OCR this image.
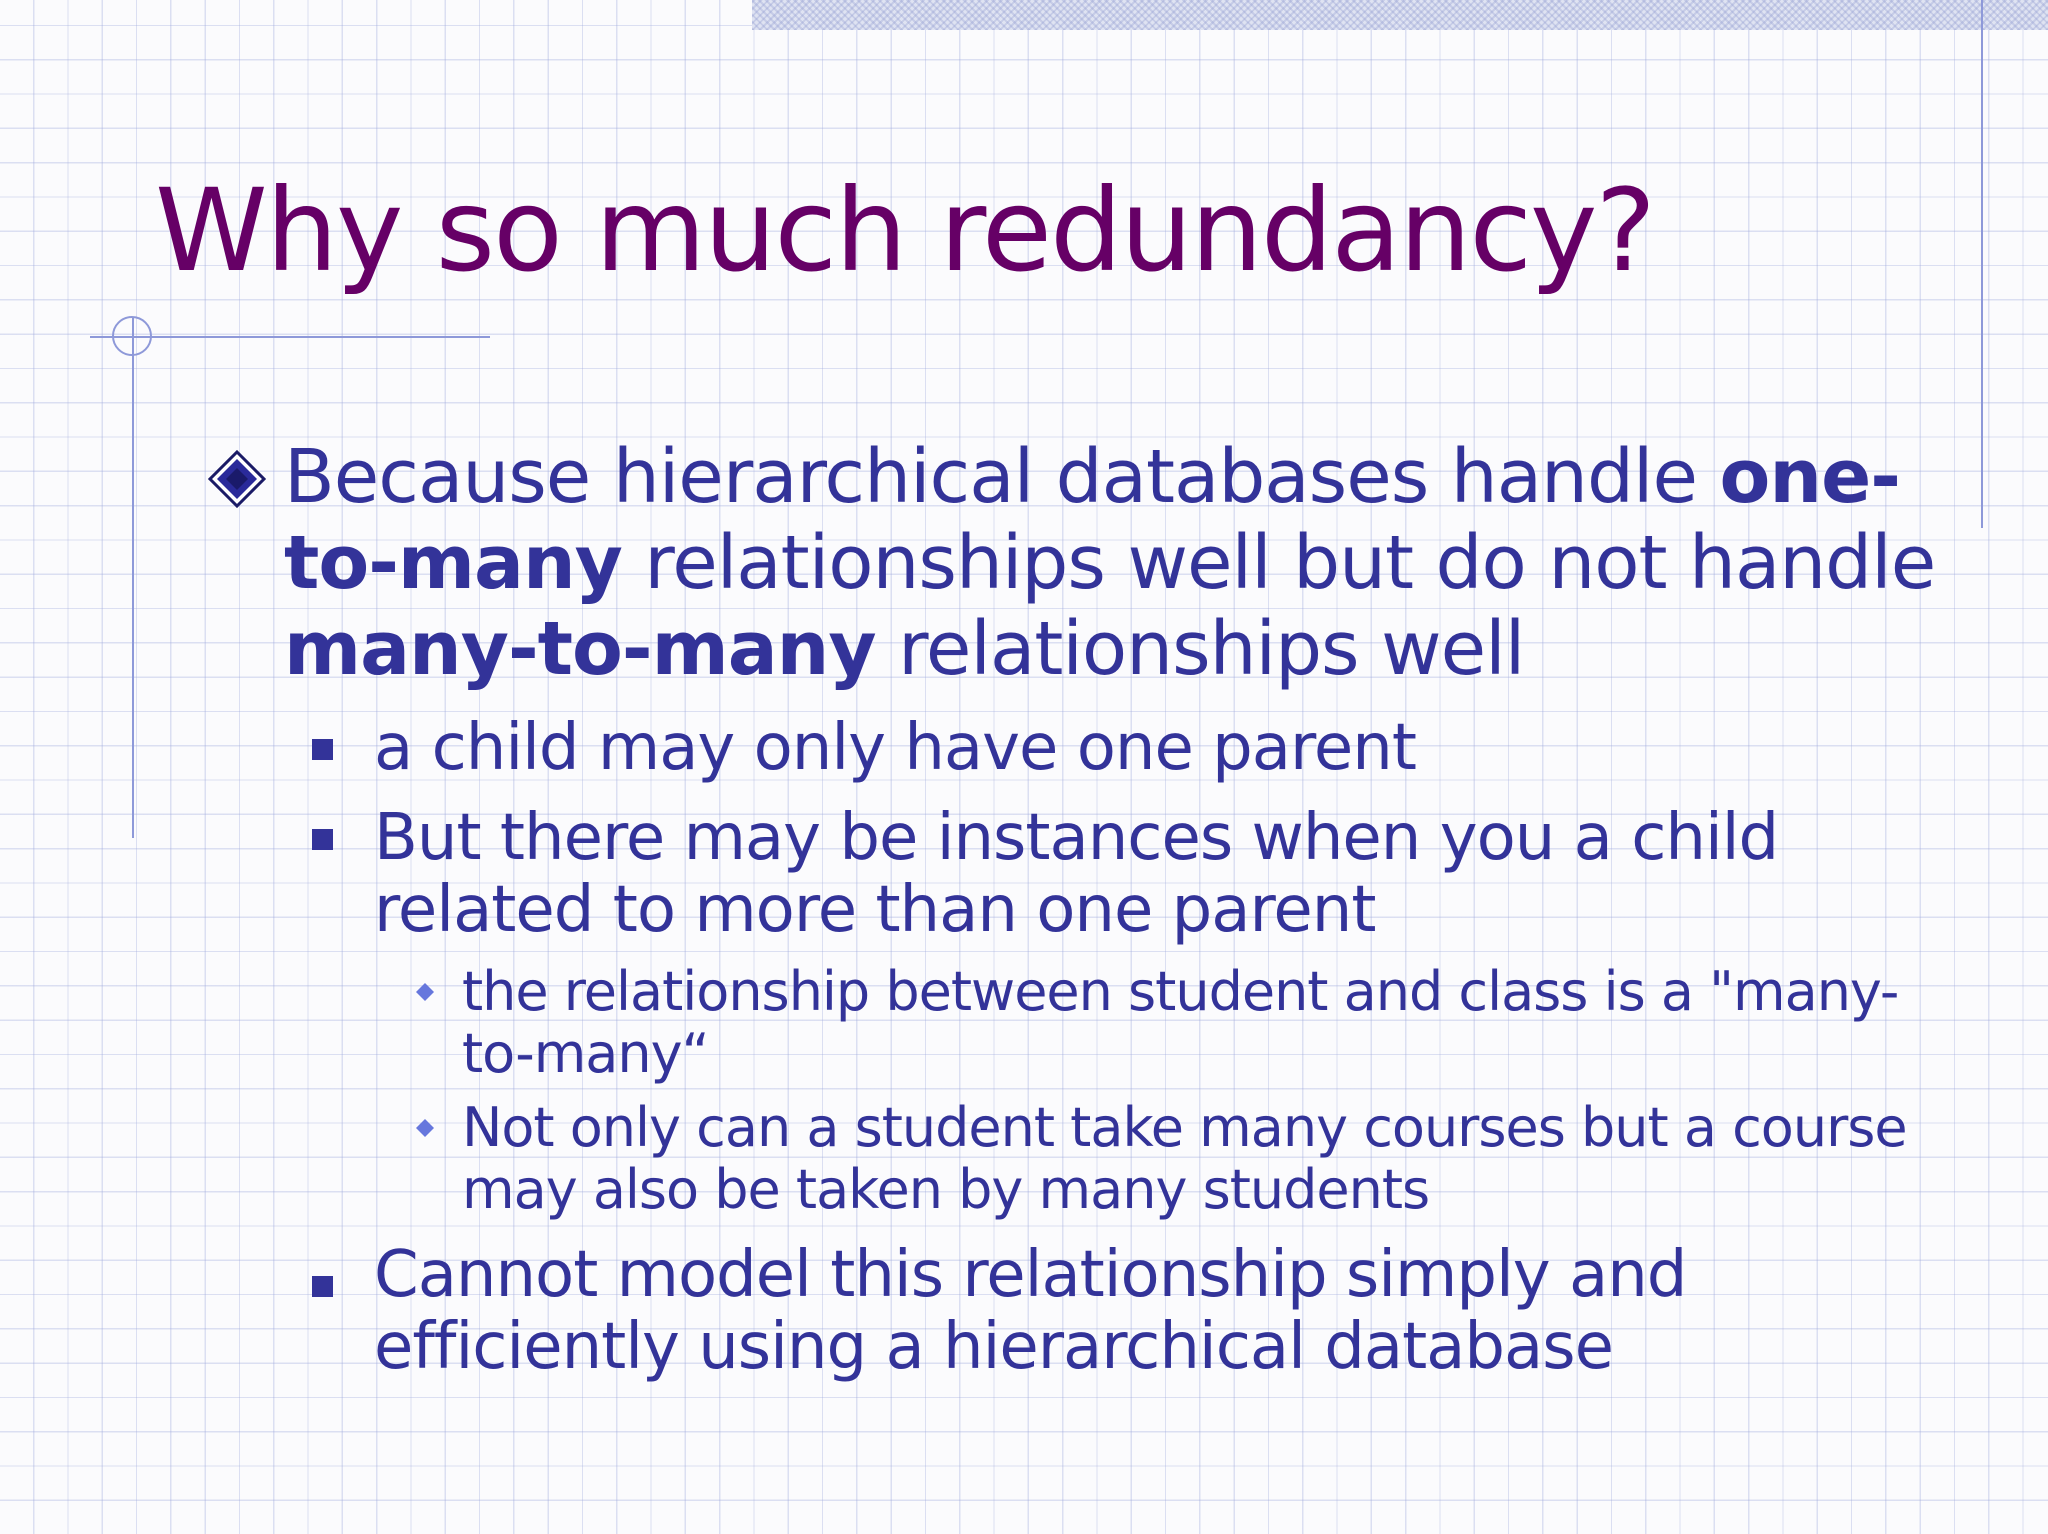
Why so much redundancy?
Because hierarchical databases handle one-
to-many relationships well but do not handle
many-to-many relationships well
a child may only have one parent
But there may be instances when you a child
related to more than one parent
the relationship between student and class is a "many-
to-many“
Not only can a student take many courses but a course
may also be taken by many students
Cannot model this relationship simply and
efficiently using a hierarchical database
